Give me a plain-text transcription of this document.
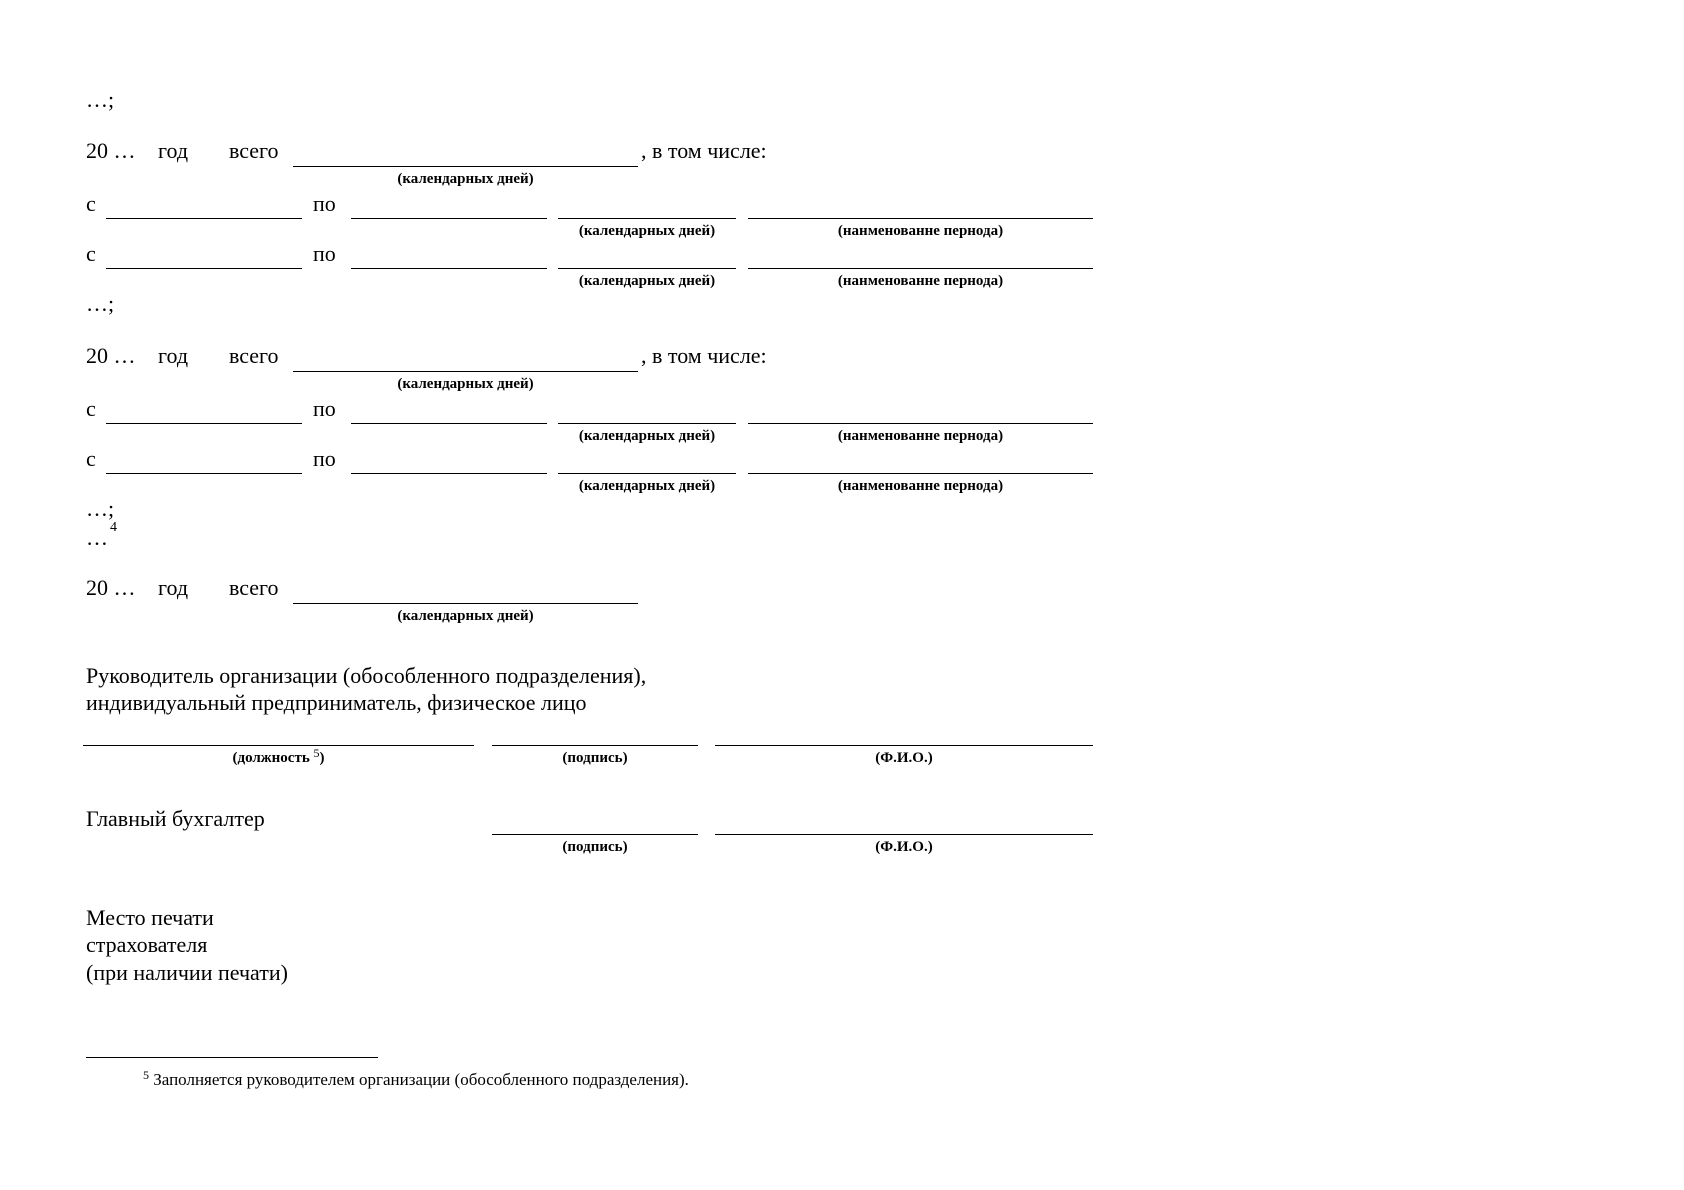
…;
20 … год всего	, в том числе:
(календарных дней)
с	по
(календарных дней)	(нанменованне пернода)
с	по
(календарных дней)	(нанменованне пернода)
…;
20 … год всего	, в том числе:
(календарных дней)
с	по
(календарных дней)	(нанменованне пернода)
с	по
(календарных дней)	(нанменованне пернода)
…;
… 4
20 … год всего
(календарных дней)
Руководитель организации (обособленного подразделения),
индивидуальный предприниматель, физическое лицо
(должность $^5$)	(подпись)	(Ф.И.О.)
Главный бухгалтер
(подпись)	(Ф.И.О.)
Место печати
страхователя
(при наличии печати)
$^5$ Заполняется руководителем организации (обособленного подразделения).
